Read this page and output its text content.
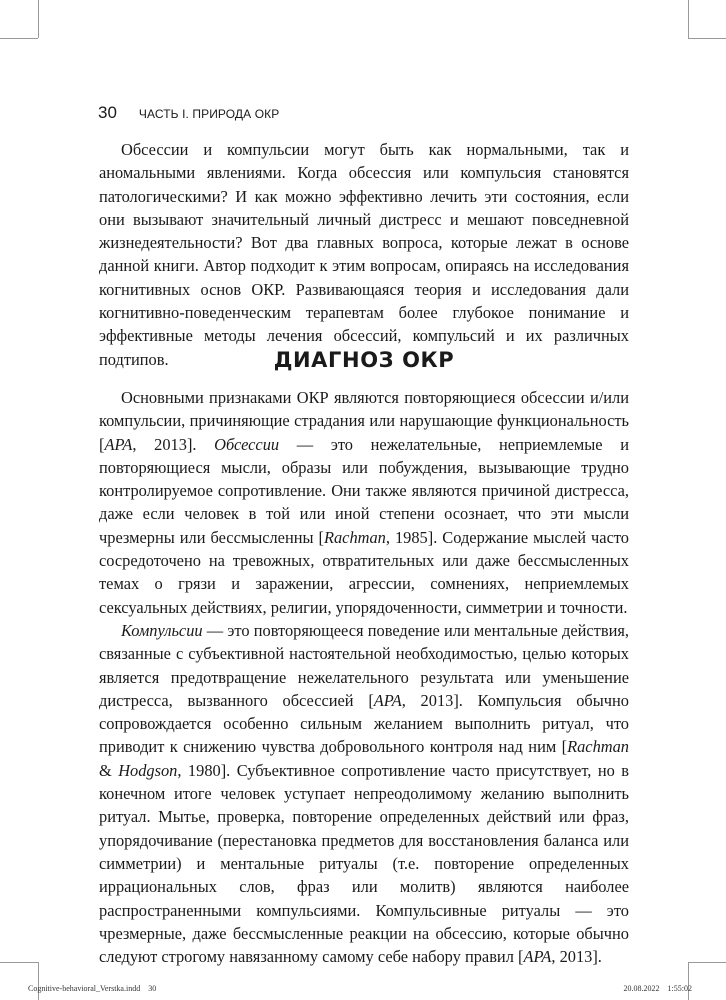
30 ЧАСТЬ I. ПРИРОДА ОКР

Обсессии и компульсии могут быть как нормальными, так и аномальными явлениями. Когда обсессия или компульсия становятся патологическими? И как можно эффективно лечить эти состояния, если они вызывают значительный личный дистресс и мешают повседневной жизнедеятельности? Вот два главных вопроса, которые лежат в основе данной книги. Автор подходит к этим вопросам, опираясь на исследования когнитивных основ ОКР. Развивающаяся теория и исследования дали когнитивно-поведенческим терапевтам более глубокое понимание и эффективные методы лечения обсессий, компульсий и их различных подтипов.	ДИАГНОЗ ОКР

Основными признаками ОКР являются повторяющиеся обсессии и/или компульсии, причиняющие страдания или нарушающие функциональность [APA, 2013]. Обсессии — это нежелательные, неприемлемые и повторяющиеся мысли, образы или побуждения, вызывающие трудно контролируемое сопротивление. Они также являются причиной дистресса, даже если человек в той или иной степени осознает, что эти мысли чрезмерны или бессмысленны [Rachman, 1985]. Содержание мыслей часто сосредоточено на тревожных, отвратительных или даже бессмысленных темах о грязи и заражении, агрессии, сомнениях, неприемлемых сексуальных действиях, религии, упорядоченности, симметрии и точности.

Компульсии — это повторяющееся поведение или ментальные действия, связанные с субъективной настоятельной необходимостью, целью которых является предотвращение нежелательного результата или уменьшение дистресса, вызванного обсессией [APA, 2013]. Компульсия обычно сопровождается особенно сильным желанием выполнить ритуал, что приводит к снижению чувства добровольного контроля над ним [Rachman & Hodgson, 1980]. Субъективное сопротивление часто присутствует, но в конечном итоге человек уступает непреодолимому желанию выполнить ритуал. Мытье, проверка, повторение определенных действий или фраз, упорядочивание (перестановка предметов для восстановления баланса или симметрии) и ментальные ритуалы (т.е. повторение определенных иррациональных слов, фраз или молитв) являются наиболее распространенными компульсиями. Компульсивные ритуалы — это чрезмерные, даже бессмысленные реакции на обсессию, которые обычно следуют строгому навязанному самому себе набору правил [APA, 2013].

Cognitive-behavioral_Verstka.indd 30	20.08.2022 1:55:02
